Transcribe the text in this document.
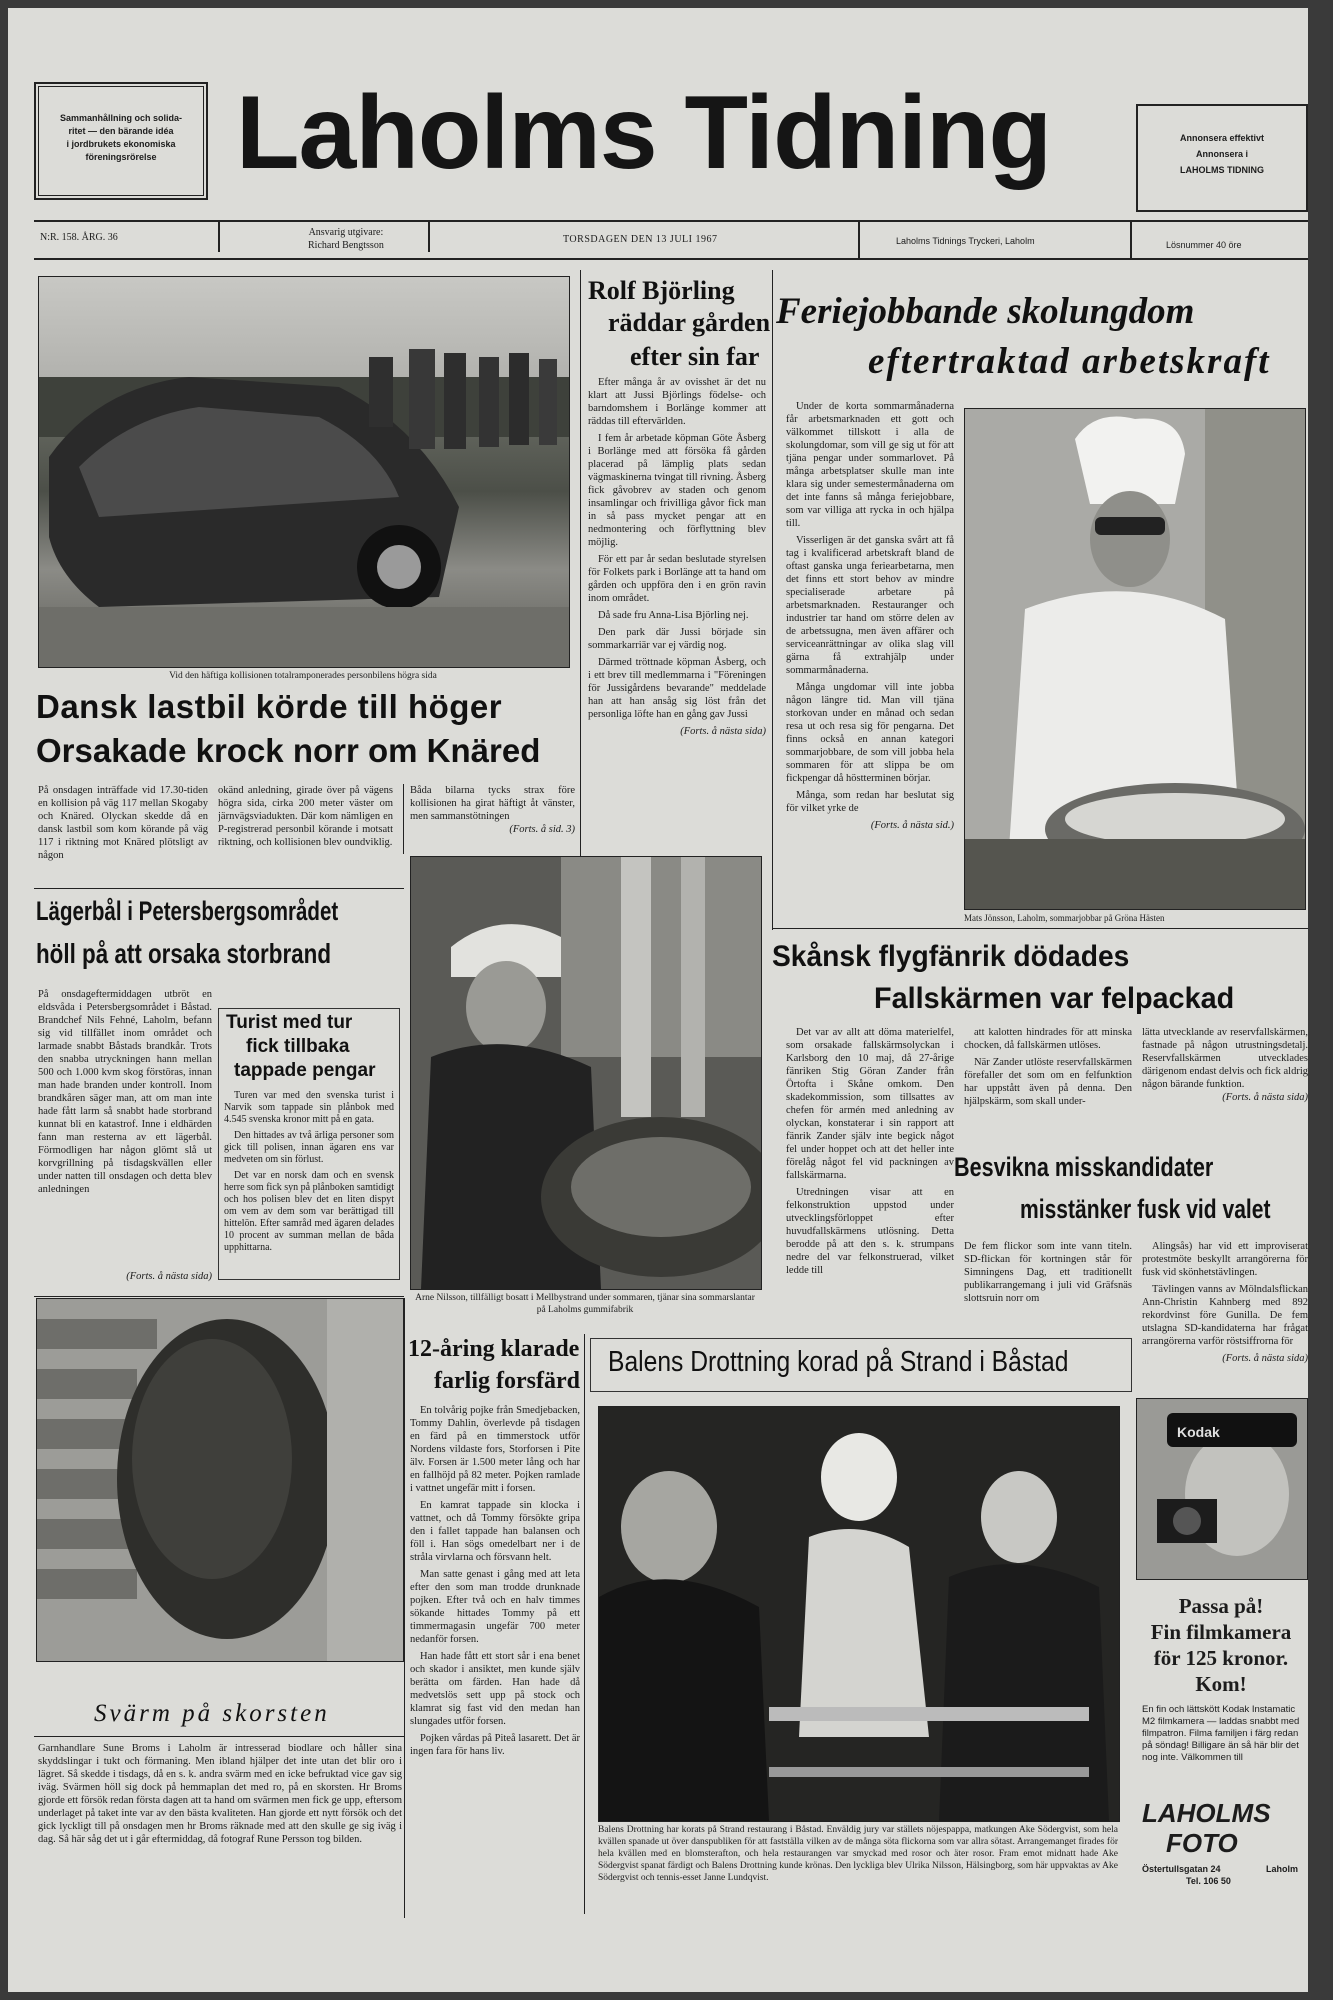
Sammanhållning och solida-
ritet — den bärande idéa
i jordbrukets ekonomiska
föreningsrörelse Laholms Tidning	Annonsera effektivt
Annonsera i
LAHOLMS TIDNING
N:R. 158. ÅRG. 36	Ansvarig utgivare:
Richard Bengtsson
TORSDAGEN DEN 13 JULI 1967	Laholms Tidnings Tryckeri, Laholm	Lösnummer 40 öre
Vid den häftiga kollisionen totalramponerades personbilens högra sida
Dansk lastbil körde till höger
Orsakade krock norr om Knäred
På onsdagen inträffade vid 17.30-tiden en kollision på väg 117 mellan Skogaby och Knäred. Olyckan skedde då en dansk lastbil som kom körande på väg 117 i riktning mot Knäred plötsligt av någon
okänd anledning, girade över på vägens högra sida, cirka 200 meter väster om järnvägsviadukten. Där kom nämligen en P-registrerad personbil körande i motsatt riktning, och kollisionen blev oundviklig.
Båda bilarna tycks strax före kollisionen ha girat häftigt åt vänster, men sammanstötningen
(Forts. å sid. 3)
Rolf Björling
räddar gården
efter sin far

Efter många år av ovisshet är det nu klart att Jussi Björlings födelse- och barndomshem i Borlänge kommer att räddas till eftervärlden.

I fem år arbetade köpman Göte Åsberg i Borlänge med att försöka få gården placerad på lämplig plats sedan vägmaskinerna tvingat till rivning. Åsberg fick gåvobrev av staden och genom insamlingar och frivilliga gåvor fick man in så pass mycket pengar att en nedmontering och förflyttning blev möjlig.

För ett par år sedan beslutade styrelsen för Folkets park i Borlänge att ta hand om gården och uppföra den i en grön ravin inom området.

Då sade fru Anna-Lisa Björling nej.

Den park där Jussi började sin sommarkarriär var ej värdig nog.

Därmed tröttnade köpman Åsberg, och i ett brev till medlemmarna i "Föreningen för Jussigårdens bevarande" meddelade han att han ansåg sig löst från det personliga löfte han en gång gav Jussi

(Forts. å nästa sida)
Feriejobbande skolungdom
eftertraktad arbetskraft

Under de korta sommarmånaderna får arbetsmarknaden ett gott och välkommet tillskott i alla de skolungdomar, som vill ge sig ut för att tjäna pengar under sommarlovet. På många arbetsplatser skulle man inte klara sig under semestermånaderna om det inte fanns så många feriejobbare, som var villiga att rycka in och hjälpa till.

Visserligen är det ganska svårt att få tag i kvalificerad arbetskraft bland de oftast ganska unga feriearbetarna, men det finns ett stort behov av mindre specialiserade arbetare på arbetsmarknaden. Restauranger och industrier tar hand om större delen av de arbetssugna, men även affärer och serviceanrättningar av olika slag vill gärna få extrahjälp under sommarmånaderna.

Många ungdomar vill inte jobba någon längre tid. Man vill tjäna storkovan under en månad och sedan resa ut och resa sig för pengarna. Det finns också en annan kategori sommarjobbare, de som vill jobba hela sommaren för att slippa be om fickpengar då höstterminen börjar.

Många, som redan har beslutat sig för vilket yrke de

(Forts. å nästa sid.)
Mats Jönsson, Laholm, sommarjobbar på Gröna Hästen
Lägerbål i Petersbergsområdet
höll på att orsaka storbrand
På onsdageftermiddagen utbröt en eldsvåda i Petersbergsområdet i Båstad. Brandchef Nils Fehné, Laholm, befann sig vid tillfället inom området och larmade snabbt Båstads brandkår. Trots den snabba utryckningen hann mellan 500 och 1.000 kvm skog förstöras, innan man hade branden under kontroll. Inom brandkåren säger man, att om man inte hade fått larm så snabbt hade storbrand kunnat bli en katastrof. Inne i eldhärden fann man resterna av ett lägerbål. Förmodligen har någon glömt slå ut korvgrillning på tisdagskvällen eller under natten till onsdagen och detta blev anledningen
(Forts. å nästa sida)
Turist med tur
fick tillbaka
tappade pengar

Turen var med den svenska turist i Narvik som tappade sin plånbok med 4.545 svenska kronor mitt på en gata.

Den hittades av två ärliga personer som gick till polisen, innan ägaren ens var medveten om sin förlust.

Det var en norsk dam och en svensk herre som fick syn på plånboken samtidigt och hos polisen blev det en liten dispyt om vem av dem som var berättigad till hittelön. Efter samråd med ägaren delades 10 procent av summan mellan de båda upphittarna.

Arne Nilsson, tillfälligt bosatt i Mellbystrand under sommaren, tjänar sina sommarslantar på Laholms gummifabrik
Skånsk flygfänrik dödades
Fallskärmen var felpackad

Det var av allt att döma materielfel, som orsakade fallskärmsolyckan i Karlsborg den 10 maj, då 27-årige fänriken Stig Göran Zander från Örtofta i Skåne omkom. Den skadekommission, som tillsattes av chefen för armén med anledning av olyckan, konstaterar i sin rapport att fänrik Zander själv inte begick något fel under hoppet och att det heller inte förelåg något fel vid packningen av fallskärmarna.

Utredningen visar att en felkonstruktion uppstod under utvecklingsförloppet efter huvudfallskärmens utlösning. Detta berodde på att den s. k. strumpans nedre del var felkonstruerad, vilket ledde till

att kalotten hindrades för att minska chocken, då fallskärmen utlöses.

När Zander utlöste reservfallskärmen förefaller det som om en felfunktion har uppstått även på denna. Den hjälpskärm, som skall under-

lätta utvecklande av reservfallskärmen, fastnade på någon utrustningsdetalj. Reservfallskärmen utvecklades därigenom endast delvis och fick aldrig någon bärande funktion.
(Forts. å nästa sida)
Besvikna misskandidater
misstänker fusk vid valet
De fem flickor som inte vann titeln. SD-flickan för kortningen står för Simningens Dag, ett traditionellt publikarrangemang i juli vid Gräfsnäs slottsruin norr om

Alingsås) har vid ett improviserat protestmöte beskyllt arrangörerna för fusk vid skönhetstävlingen.

Tävlingen vanns av Mölndalsflickan Ann-Christin Kahnberg med 892 rekordvinst före Gunilla. De fem utslagna SD-kandidaterna har frågat arrangörerna varför röstsiffrorna för

(Forts. å nästa sida)
Svärm på skorsten
Garnhandlare Sune Broms i Laholm är intresserad biodlare och håller sina skyddslingar i tukt och förmaning. Men ibland hjälper det inte utan det blir oro i lägret. Så skedde i tisdags, då en s. k. andra svärm med en icke befruktad vice gav sig iväg. Svärmen höll sig dock på hemmaplan det med ro, på en skorsten. Hr Broms gjorde ett försök redan första dagen att ta hand om svärmen men fick ge upp, eftersom underlaget på taket inte var av den bästa kvaliteten. Han gjorde ett nytt försök och det gick lyckligt till på onsdagen men hr Broms räknade med att den skulle ge sig iväg i dag. Så här såg det ut i går eftermiddag, då fotograf Rune Persson tog bilden.
12-åring klarade
farlig forsfärd

En tolvårig pojke från Smedjebacken, Tommy Dahlin, överlevde på tisdagen en färd på en timmerstock utför Nordens vildaste fors, Storforsen i Pite älv. Forsen är 1.500 meter lång och har en fallhöjd på 82 meter. Pojken ramlade i vattnet ungefär mitt i forsen.

En kamrat tappade sin klocka i vattnet, och då Tommy försökte gripa den i fallet tappade han balansen och föll i. Han sögs omedelbart ner i de stråla virvlarna och försvann helt.

Man satte genast i gång med att leta efter den som man trodde drunknade pojken. Efter två och en halv timmes sökande hittades Tommy på ett timmermagasin ungefär 700 meter nedanför forsen.

Han hade fått ett stort sår i ena benet och skador i ansiktet, men kunde själv berätta om färden. Han hade då medvetslös sett upp på stock och klamrat sig fast vid den medan han slungades utför forsen.

Pojken vårdas på Piteå lasarett. Det är ingen fara för hans liv.

Balens Drottning korad på Strand i Båstad
Balens Drottning har korats på Strand restaurang i Båstad. Enväldig jury var ställets nöjespappa, matkungen Ake Södergvist, som hela kvällen spanade ut över danspubliken för att fastställa vilken av de många söta flickorna som var allra sötast. Arrangemanget firades för hela kvällen med en blomsterafton, och hela restaurangen var smyckad med rosor och äter rosor. Fram emot midnatt hade Ake Södergvist spanat färdigt och Balens Drottning kunde krönas. Den lyckliga blev Ulrika Nilsson, Hälsingborg, som här uppvaktas av Ake Södergvist och tennis-esset Janne Lundqvist.
Kodak
Passa på!
Fin filmkamera
för 125 kronor.
Kom!
En fin och lättskött Kodak Instamatic M2 filmkamera — laddas snabbt med filmpatron. Filma familjen i färg redan på söndag! Billigare än så här blir det nog inte. Välkommen till
LAHOLMS
FOTO
Östertullsgatan 24	Laholm
Tel. 106 50
